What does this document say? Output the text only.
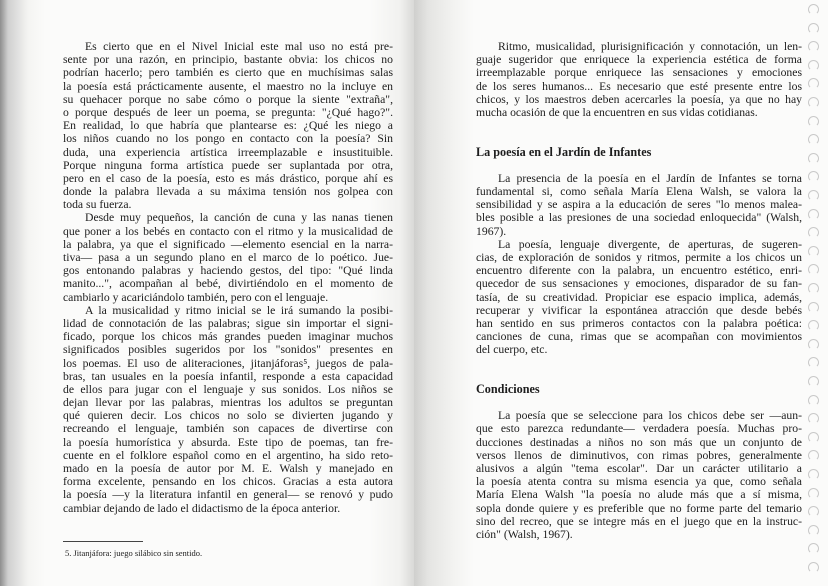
Es cierto que en el Nivel Inicial este mal uso no está pre-
sente por una razón, en principio, bastante obvia: los chicos no
podrían hacerlo; pero también es cierto que en muchísimas salas
la poesía está prácticamente ausente, el maestro no la incluye en
su quehacer porque no sabe cómo o porque la siente "extraña",
o porque después de leer un poema, se pregunta: "¿Qué hago?".
En realidad, lo que habría que plantearse es: ¿Qué les niego a
los niños cuando no los pongo en contacto con la poesía? Sin
duda, una experiencia artística irreemplazable e insustituible.
Porque ninguna forma artística puede ser suplantada por otra,
pero en el caso de la poesía, esto es más drástico, porque ahí es
donde la palabra llevada a su máxima tensión nos golpea con
toda su fuerza.
Desde muy pequeños, la canción de cuna y las nanas tienen
que poner a los bebés en contacto con el ritmo y la musicalidad de
la palabra, ya que el significado —elemento esencial en la narra-
tiva— pasa a un segundo plano en el marco de lo poético. Jue-
gos entonando palabras y haciendo gestos, del tipo: "Qué linda
manito...", acompañan al bebé, divirtiéndolo en el momento de
cambiarlo y acariciándolo también, pero con el lenguaje.
A la musicalidad y ritmo inicial se le irá sumando la posibi-
lidad de connotación de las palabras; sigue sin importar el signi-
ficado, porque los chicos más grandes pueden imaginar muchos
significados posibles sugeridos por los "sonidos" presentes en
los poemas. El uso de aliteraciones, jitanjáforas⁵, juegos de pala-
bras, tan usuales en la poesía infantil, responde a esta capacidad
de ellos para jugar con el lenguaje y sus sonidos. Los niños se
dejan llevar por las palabras, mientras los adultos se preguntan
qué quieren decir. Los chicos no solo se divierten jugando y
recreando el lenguaje, también son capaces de divertirse con
la poesía humorística y absurda. Este tipo de poemas, tan fre-
cuente en el folklore español como en el argentino, ha sido reto-
mado en la poesía de autor por M. E. Walsh y manejado en
forma excelente, pensando en los chicos. Gracias a esta autora
la poesía —y la literatura infantil en general— se renovó y pudo
cambiar dejando de lado el didactismo de la época anterior.
5. Jitanjáfora: juego silábico sin sentido.
Ritmo, musicalidad, plurisignificación y connotación, un len-
guaje sugeridor que enriquece la experiencia estética de forma
irreemplazable porque enriquece las sensaciones y emociones
de los seres humanos... Es necesario que esté presente entre los
chicos, y los maestros deben acercarles la poesía, ya que no hay
mucha ocasión de que la encuentren en sus vidas cotidianas.
La poesía en el Jardín de Infantes
La presencia de la poesía en el Jardín de Infantes se torna
fundamental si, como señala María Elena Walsh, se valora la
sensibilidad y se aspira a la educación de seres "lo menos malea-
bles posible a las presiones de una sociedad enloquecida" (Walsh,
1967).
La poesía, lenguaje divergente, de aperturas, de sugeren-
cias, de exploración de sonidos y ritmos, permite a los chicos un
encuentro diferente con la palabra, un encuentro estético, enri-
quecedor de sus sensaciones y emociones, disparador de su fan-
tasía, de su creatividad. Propiciar ese espacio implica, además,
recuperar y vivificar la espontánea atracción que desde bebés
han sentido en sus primeros contactos con la palabra poética:
canciones de cuna, rimas que se acompañan con movimientos
del cuerpo, etc.
Condiciones
La poesía que se seleccione para los chicos debe ser —aun-
que esto parezca redundante— verdadera poesía. Muchas pro-
ducciones destinadas a niños no son más que un conjunto de
versos llenos de diminutivos, con rimas pobres, generalmente
alusivos a algún "tema escolar". Dar un carácter utilitario a
la poesía atenta contra su misma esencia ya que, como señala
María Elena Walsh "la poesía no alude más que a sí misma,
sopla donde quiere y es preferible que no forme parte del temario
sino del recreo, que se integre más en el juego que en la instruc-
ción" (Walsh, 1967).
